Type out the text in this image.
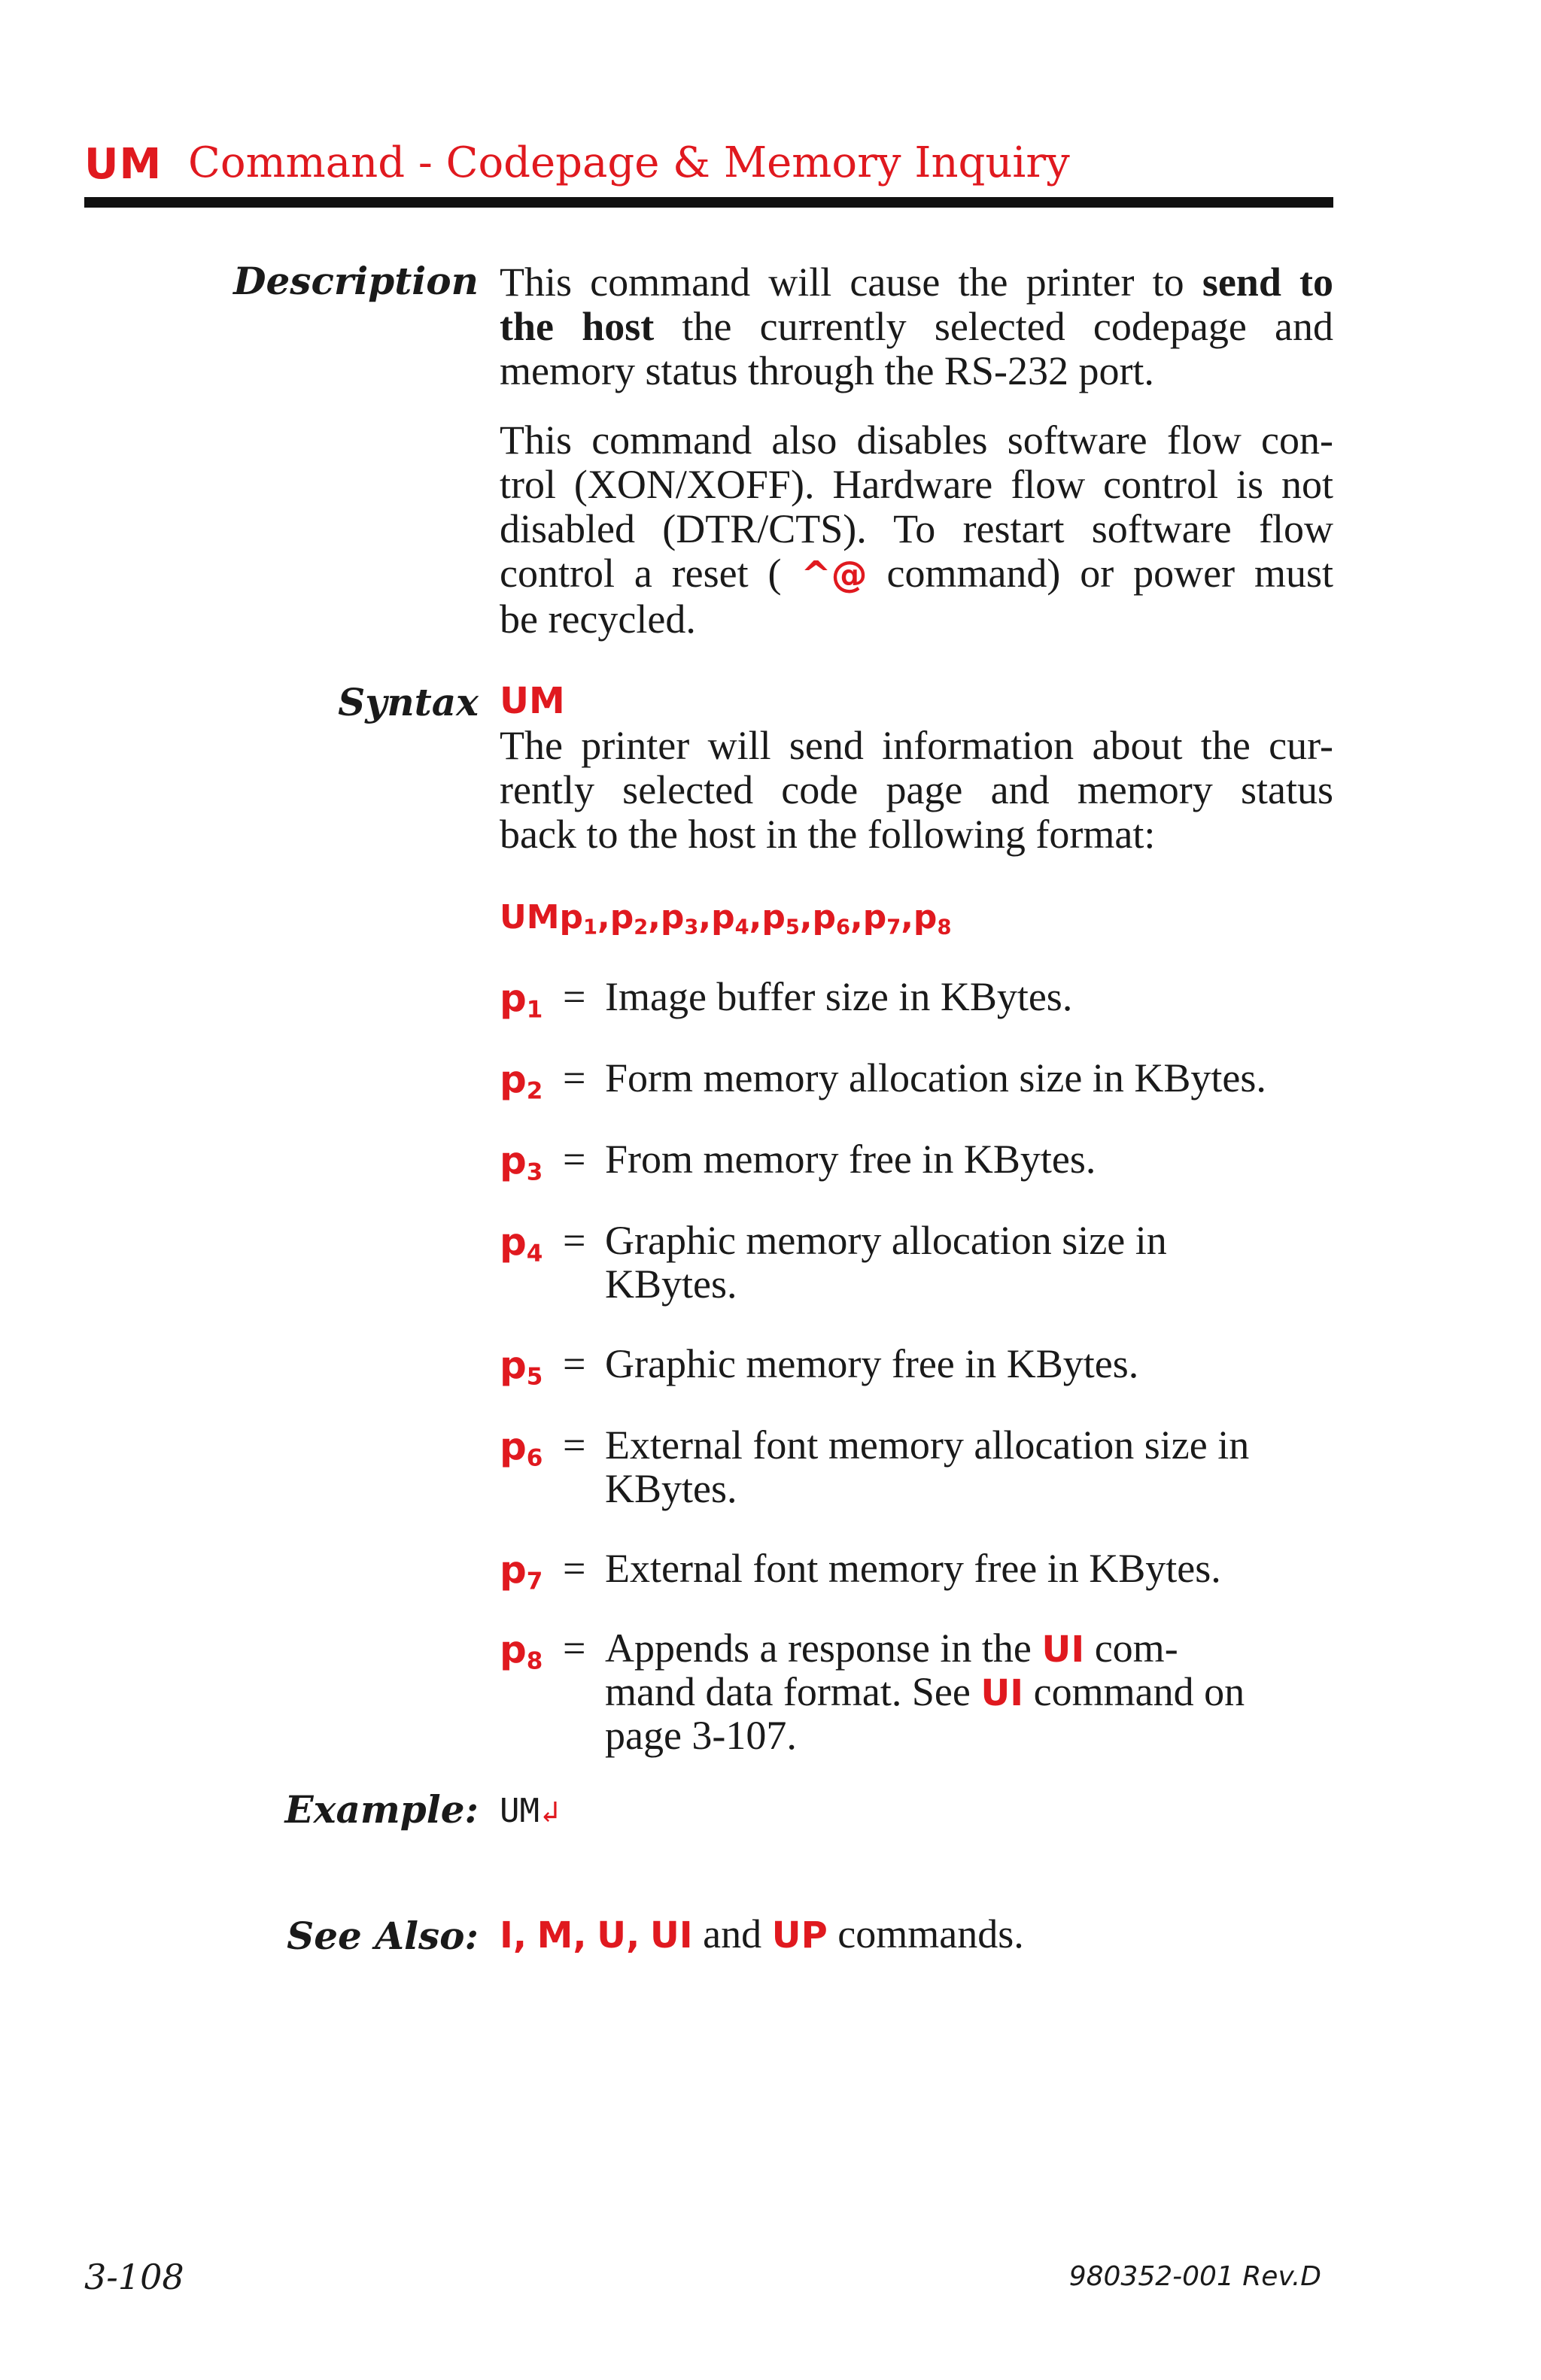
UM Command - Codepage & Memory Inquiry
Description This command will cause the printer to send to
the host the currently selected codepage and
memory status through the RS-232 port.
This command also disables software flow con-
trol (XON/XOFF). Hardware flow control is not
disabled (DTR/CTS). To restart software flow
control a reset ( ^@ command) or power must
be recycled.
Syntax UM
The printer will send information about the cur-
rently selected code page and memory status
back to the host in the following format:
$UMp_1,p_2,p_3,p_4,p_5,p_6,p_7,p_8$
$p_1$ = Image buffer size in KBytes.
$p_2$ = Form memory allocation size in KBytes.
$p_3$ = From memory free in KBytes.
$p_4$ = Graphic memory allocation size in
KBytes.
$p_5$ = Graphic memory free in KBytes.
$p_6$ = External font memory allocation size in
KBytes.
$p_7$ = External font memory free in KBytes.
$p_8$ = Appends a response in the UI com-
mand data format. See UI command on
page 3-107.
Example: UM↲
See Also: I, M, U, UI and UP commands.
3-108	980352-001 Rev.D
